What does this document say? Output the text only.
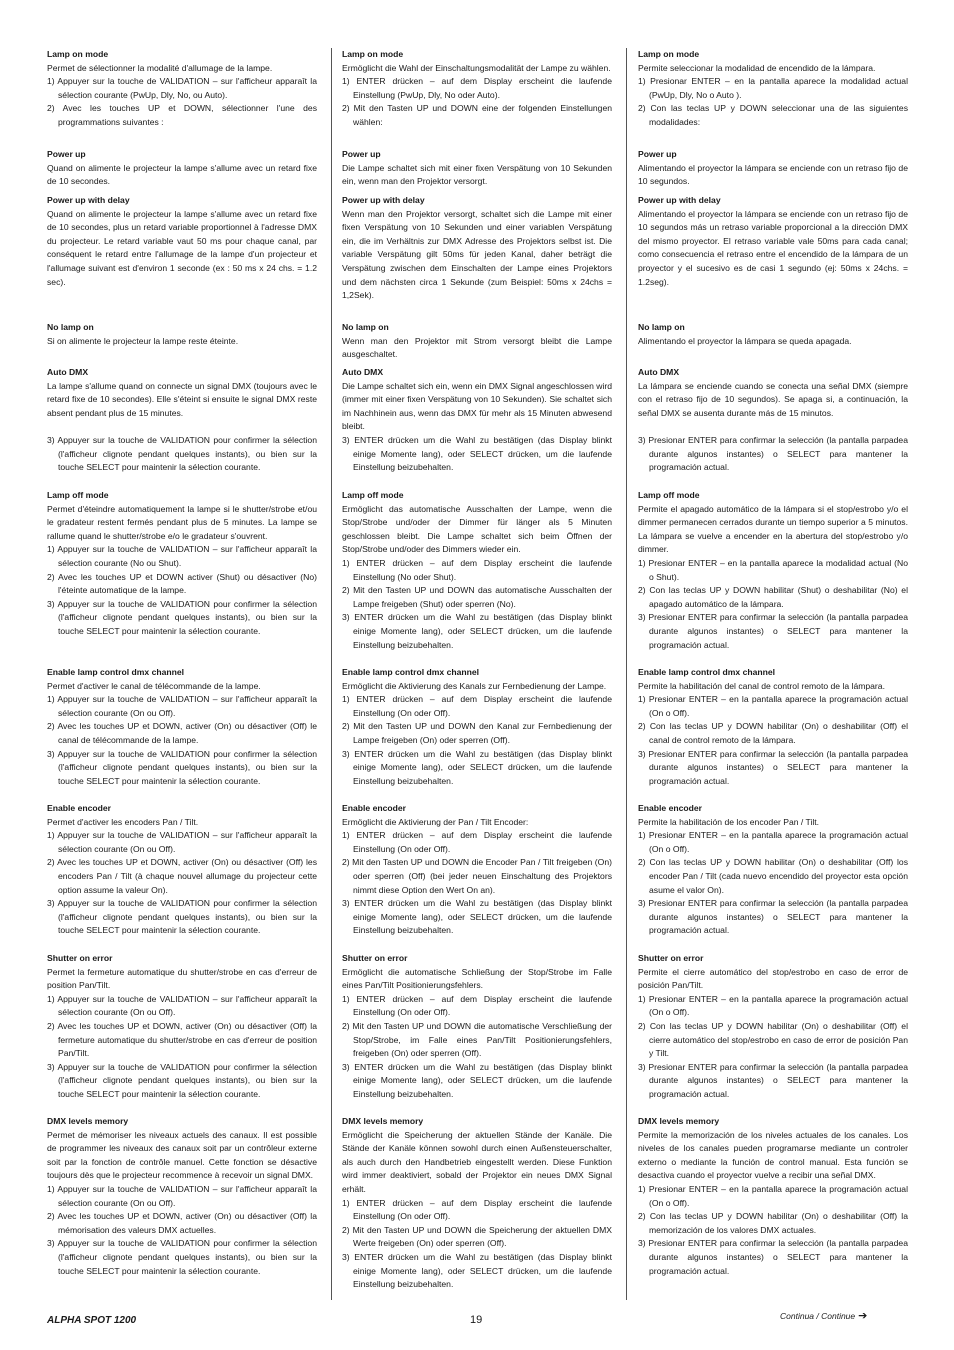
Lamp on mode

Permet de sélectionner la modalité d'allumage de la lampe.

1) Appuyer sur la touche de VALIDATION – sur l'afficheur apparaît la sélection courante (PwUp, Dly, No, ou Auto).
2) Avec les touches UP et DOWN, sélectionner l'une des programmations suivantes :
Power up

Quand on alimente le projecteur la lampe s'allume avec un retard fixe de 10 secondes.

Power up with delay

Quand on alimente le projecteur la lampe s'allume avec un retard fixe de 10 secondes, plus un retard variable proportionnel à l'adresse DMX du projecteur. Le retard variable vaut 50 ms pour chaque canal, par conséquent le retard entre l'allumage de la lampe d'un projecteur et l'allumage suivant est d'environ 1 seconde (ex : 50 ms x 24 chs. = 1.2 sec).

No lamp on

Si on alimente le projecteur la lampe reste éteinte.

Auto DMX

La lampe s'allume quand on connecte un signal DMX (toujours avec le retard fixe de 10 secondes). Elle s'éteint si ensuite le signal DMX reste absent pendant plus de 15 minutes.

3) Appuyer sur la touche de VALIDATION pour confirmer la sélection (l'afficheur clignote pendant quelques instants), ou bien sur la touche SELECT pour maintenir la sélection courante.
Lamp off mode

Permet d'éteindre automatiquement la lampe si le shutter/strobe et/ou le gradateur restent fermés pendant plus de 5 minutes. La lampe se rallume quand le shutter/strobe e/o le gradateur s'ouvrent.

1) Appuyer sur la touche de VALIDATION – sur l'afficheur apparaît la sélection courante (No ou Shut).
2) Avec les touches UP et DOWN activer (Shut) ou désactiver (No) l'éteinte automatique de la lampe.
3) Appuyer sur la touche de VALIDATION pour confirmer la sélection (l'afficheur clignote pendant quelques instants), ou bien sur la touche SELECT pour maintenir la sélection courante.
Enable lamp control dmx channel

Permet d'activer le canal de télécommande de la lampe.

1) Appuyer sur la touche de VALIDATION – sur l'afficheur apparaît la sélection courante (On ou Off).
2) Avec les touches UP et DOWN, activer (On) ou désactiver (Off) le canal de télécommande de la lampe.
3) Appuyer sur la touche de VALIDATION pour confirmer la sélection (l'afficheur clignote pendant quelques instants), ou bien sur la touche SELECT pour maintenir la sélection courante.
Enable encoder

Permet d'activer les encoders Pan / Tilt.

1) Appuyer sur la touche de VALIDATION – sur l'afficheur apparaît la sélection courante (On ou Off).
2) Avec les touches UP et DOWN, activer (On) ou désactiver (Off) les encoders Pan / Tilt (à chaque nouvel allumage du projecteur cette option assume la valeur On).
3) Appuyer sur la touche de VALIDATION pour confirmer la sélection (l'afficheur clignote pendant quelques instants), ou bien sur la touche SELECT pour maintenir la sélection courante.
Shutter on error

Permet la fermeture automatique du shutter/strobe en cas d'erreur de position Pan/Tilt.

1) Appuyer sur la touche de VALIDATION – sur l'afficheur apparaît la sélection courante (On ou Off).
2) Avec les touches UP et DOWN, activer (On) ou désactiver (Off) la fermeture automatique du shutter/strobe en cas d'erreur de position Pan/Tilt.
3) Appuyer sur la touche de VALIDATION pour confirmer la sélection (l'afficheur clignote pendant quelques instants), ou bien sur la touche SELECT pour maintenir la sélection courante.
DMX levels memory

Permet de mémoriser les niveaux actuels des canaux. Il est possible de programmer les niveaux des canaux soit par un contrôleur externe soit par la fonction de contrôle manuel. Cette fonction se désactive toujours dès que le projecteur recommence à recevoir un signal DMX.

1) Appuyer sur la touche de VALIDATION – sur l'afficheur apparaît la sélection courante (On ou Off).
2) Avec les touches UP et DOWN, activer (On) ou désactiver (Off) la mémorisation des valeurs DMX actuelles.
3) Appuyer sur la touche de VALIDATION pour confirmer la sélection (l'afficheur clignote pendant quelques instants), ou bien sur la touche SELECT pour maintenir la sélection courante.
Lamp on mode

Ermöglicht die Wahl der Einschaltungsmodalität der Lampe zu wählen.

1) ENTER drücken – auf dem Display erscheint die laufende Einstellung (PwUp, Dly, No oder Auto).
2) Mit den Tasten UP und DOWN eine der folgenden Einstellungen wählen:
Power up

Die Lampe schaltet sich mit einer fixen Verspätung von 10 Sekunden ein, wenn man den Projektor versorgt.

Power up with delay

Wenn man den Projektor versorgt, schaltet sich die Lampe mit einer fixen Verspätung von 10 Sekunden und einer variablen Verspätung ein, die im Verhältnis zur DMX Adresse des Projektors selbst ist. Die variable Verspätung gilt 50ms für jeden Kanal, daher beträgt die Verspätung zwischen dem Einschalten der Lampe eines Projektors und dem nächsten circa 1 Sekunde (zum Beispiel: 50ms x 24chs = 1,2Sek).

No lamp on

Wenn man den Projektor mit Strom versorgt bleibt die Lampe ausgeschaltet.

Auto DMX

Die Lampe schaltet sich ein, wenn ein DMX Signal angeschlossen wird (immer mit einer fixen Verspätung von 10 Sekunden). Sie schaltet sich im Nachhinein aus, wenn das DMX für mehr als 15 Minuten abwesend bleibt.

3) ENTER drücken um die Wahl zu bestätigen (das Display blinkt einige Momente lang), oder SELECT drücken, um die laufende Einstellung beizubehalten.
Lamp off mode

Ermöglicht das automatische Ausschalten der Lampe, wenn die Stop/Strobe und/oder der Dimmer für länger als 5 Minuten geschlossen bleibt. Die Lampe schaltet sich beim Öffnen der Stop/Strobe und/oder des Dimmers wieder ein.

1) ENTER drücken – auf dem Display erscheint die laufende Einstellung (No oder Shut).
2) Mit den Tasten UP und DOWN das automatische Ausschalten der Lampe freigeben (Shut) oder sperren (No).
3) ENTER drücken um die Wahl zu bestätigen (das Display blinkt einige Momente lang), oder SELECT drücken, um die laufende Einstellung beizubehalten.
Enable lamp control dmx channel

Ermöglicht die Aktivierung des Kanals zur Fernbedienung der Lampe.

1) ENTER drücken – auf dem Display erscheint die laufende Einstellung (On oder Off).
2) Mit den Tasten UP und DOWN den Kanal zur Fernbedienung der Lampe freigeben (On) oder sperren (Off).
3) ENTER drücken um die Wahl zu bestätigen (das Display blinkt einige Momente lang), oder SELECT drücken, um die laufende Einstellung beizubehalten.
Enable encoder

Ermöglicht die Aktivierung der Pan / Tilt Encoder:

1) ENTER drücken – auf dem Display erscheint die laufende Einstellung (On oder Off).
2) Mit den Tasten UP und DOWN die Encoder Pan / Tilt freigeben (On) oder sperren (Off) (bei jeder neuen Einschaltung des Projektors nimmt diese Option den Wert On an).
3) ENTER drücken um die Wahl zu bestätigen (das Display blinkt einige Momente lang), oder SELECT drücken, um die laufende Einstellung beizubehalten.
Shutter on error

Ermöglicht die automatische Schließung der Stop/Strobe im Falle eines Pan/Tilt Positionierungsfehlers.

1) ENTER drücken – auf dem Display erscheint die laufende Einstellung (On oder Off).
2) Mit den Tasten UP und DOWN die automatische Verschließung der Stop/Strobe, im Falle eines Pan/Tilt Positionierungsfehlers, freigeben (On) oder sperren (Off).
3) ENTER drücken um die Wahl zu bestätigen (das Display blinkt einige Momente lang), oder SELECT drücken, um die laufende Einstellung beizubehalten.
DMX levels memory

Ermöglicht die Speicherung der aktuellen Stände der Kanäle. Die Stände der Kanäle können sowohl durch einen Außensteuerschalter, als auch durch den Handbetrieb eingestellt werden. Diese Funktion wird immer deaktiviert, sobald der Projektor ein neues DMX Signal erhält.

1) ENTER drücken – auf dem Display erscheint die laufende Einstellung (On oder Off).
2) Mit den Tasten UP und DOWN die Speicherung der aktuellen DMX Werte freigeben (On) oder sperren (Off).
3) ENTER drücken um die Wahl zu bestätigen (das Display blinkt einige Momente lang), oder SELECT drücken, um die laufende Einstellung beizubehalten.
Lamp on mode

Permite seleccionar la modalidad de encendido de la lámpara.

1) Presionar ENTER – en la pantalla aparece la modalidad actual (PwUp, Dly, No o Auto ).
2) Con las teclas UP y DOWN seleccionar una de las siguientes modalidades:
Power up

Alimentando el proyector la lámpara se enciende con un retraso fijo de 10 segundos.

Power up with delay

Alimentando el proyector la lámpara se enciende con un retraso fijo de 10 segundos más un retraso variable proporcional a la dirección DMX del mismo proyector. El retraso variable vale 50ms para cada canal; como consecuencia el retraso entre el encendido de la lámpara de un proyector y el sucesivo es de casi 1 segundo (ej: 50ms x 24chs. = 1.2seg).

No lamp on

Alimentando el proyector la lámpara se queda apagada.

Auto DMX

La lámpara se enciende cuando se conecta una señal DMX (siempre con el retraso fijo de 10 segundos). Se apaga si, a continuación, la señal DMX se ausenta durante más de 15 minutos.

3) Presionar ENTER para confirmar la selección (la pantalla parpadea durante algunos instantes) o SELECT para mantener la programación actual.
Lamp off mode

Permite el apagado automático de la lámpara si el stop/estrobo y/o el dimmer permanecen cerrados durante un tiempo superior a 5 minutos. La lámpara se vuelve a encender en la abertura del stop/estrobo y/o dimmer.

1) Presionar ENTER – en la pantalla aparece la modalidad actual (No o Shut).
2) Con las teclas UP y DOWN habilitar (Shut) o deshabilitar (No) el apagado automático de la lámpara.
3) Presionar ENTER para confirmar la selección (la pantalla parpadea durante algunos instantes) o SELECT para mantener la programación actual.
Enable lamp control dmx channel

Permite la habilitación del canal de control remoto de la lámpara.

1) Presionar ENTER – en la pantalla aparece la programación actual (On o Off).
2) Con las teclas UP y DOWN habilitar (On) o deshabilitar (Off) el canal de control remoto de la lámpara.
3) Presionar ENTER para confirmar la selección (la pantalla parpadea durante algunos instantes) o SELECT para mantener la programación actual.
Enable encoder

Permite la habilitación de los encoder Pan / Tilt.

1) Presionar ENTER – en la pantalla aparece la programación actual (On o Off).
2) Con las teclas UP y DOWN habilitar (On) o deshabilitar (Off) los encoder Pan / Tilt (cada nuevo encendido del proyector esta opción asume el valor On).
3) Presionar ENTER para confirmar la selección (la pantalla parpadea durante algunos instantes) o SELECT para mantener la programación actual.
Shutter on error

Permite el cierre automático del stop/estrobo en caso de error de posición Pan/Tilt.

1) Presionar ENTER – en la pantalla aparece la programación actual (On o Off).
2) Con las teclas UP y DOWN habilitar (On) o deshabilitar (Off) el cierre automático del stop/estrobo en caso de error de posición Pan y Tilt.
3) Presionar ENTER para confirmar la selección (la pantalla parpadea durante algunos instantes) o SELECT para mantener la programación actual.
DMX levels memory

Permite la memorización de los niveles actuales de los canales. Los niveles de los canales pueden programarse mediante un controler externo o mediante la función de control manual. Esta función se desactiva cuando el proyector vuelve a recibir una señal DMX.

1) Presionar ENTER – en la pantalla aparece la programación actual (On o Off).
2) Con las teclas UP y DOWN habilitar (On) o deshabilitar (Off) la memorización de los valores DMX actuales.
3) Presionar ENTER para confirmar la selección (la pantalla parpadea durante algunos instantes) o SELECT para mantener la programación actual.
ALPHA SPOT 1200	19	Continua / Continue ➔
